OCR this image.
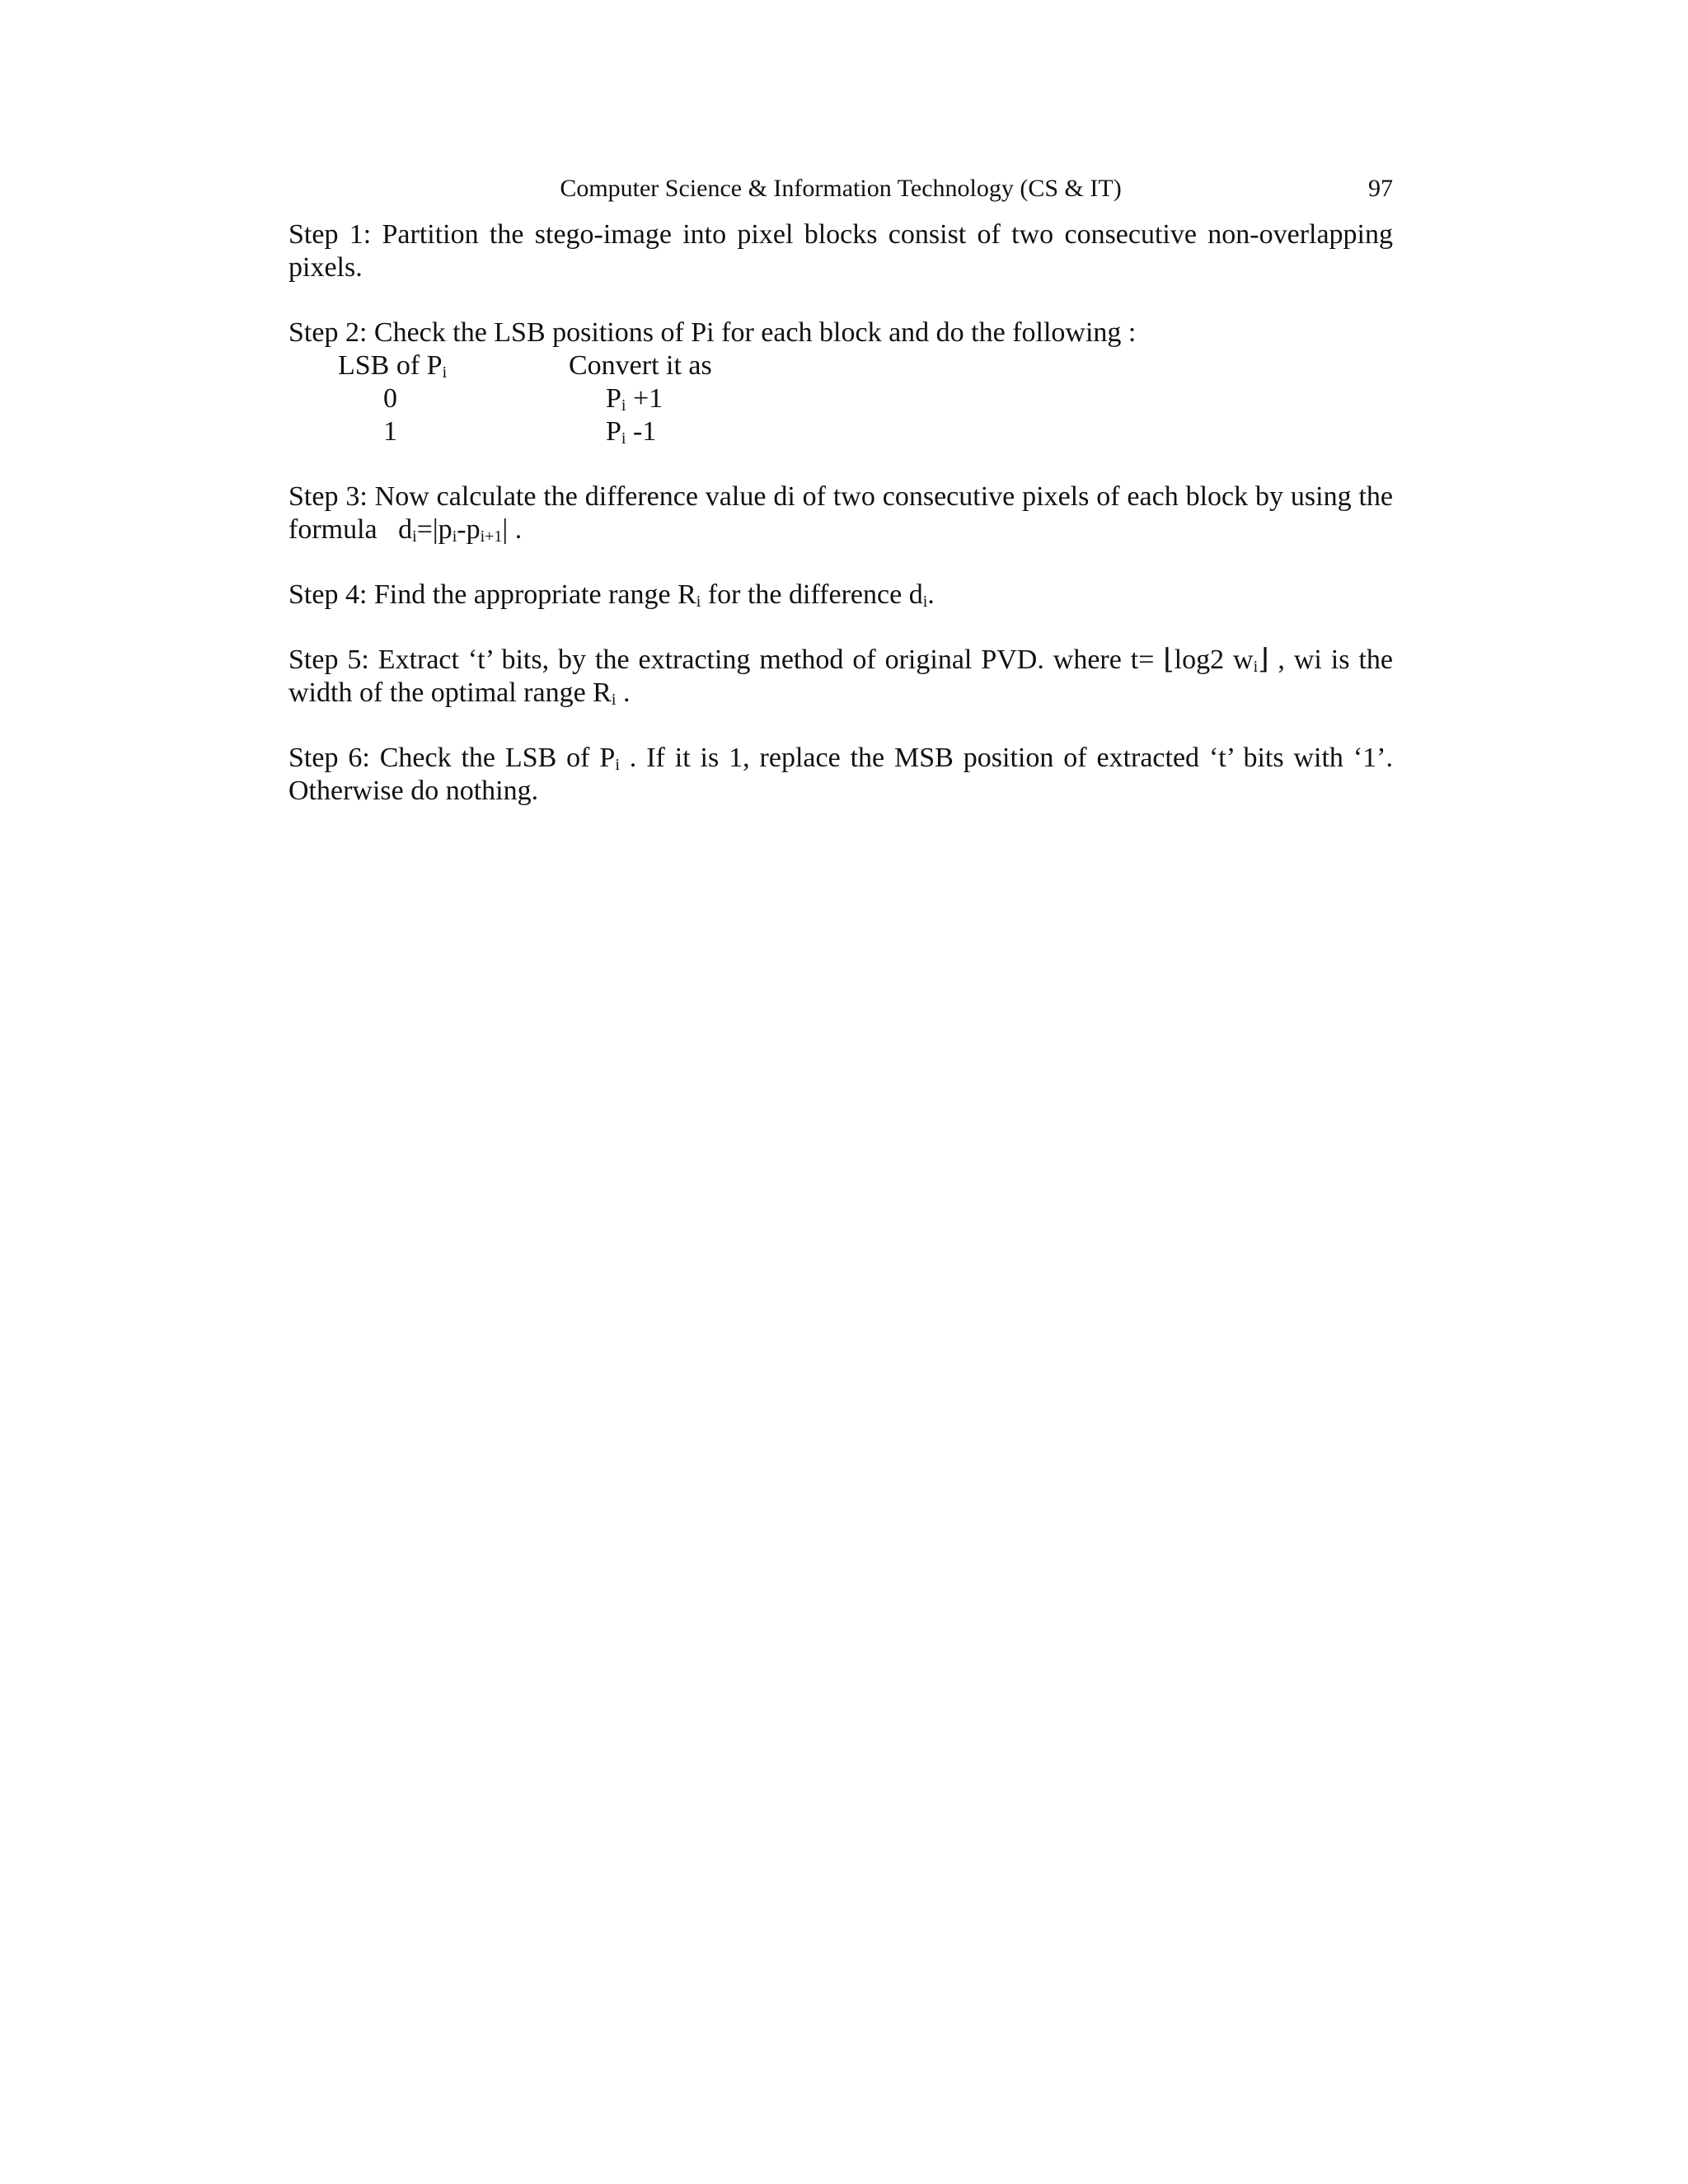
Computer Science & Information Technology (CS & IT)	97

Step 1: Partition the stego-image into pixel blocks consist of two consecutive non-overlapping pixels.

Step 2: Check the LSB positions of Pi for each block and do the following :

LSB of $P_i$	Convert it as
0	$P_i +1$
1	$P_i$ -1

Step 3: Now calculate the difference value di of two consecutive pixels of each block by using the formula $d_i=|p_i-p_{i+1}|$ .

Step 4: Find the appropriate range $R_i$ for the difference $d_i$.

Step 5: Extract ‘t’ bits, by the extracting method of original PVD. where t= ⌊log2 $w_i⌋$ , wi is the width of the optimal range $R_i$ .

Step 6: Check the LSB of $P_i$ . If it is 1, replace the MSB position of extracted ‘t’ bits with ‘1’. Otherwise do nothing.
